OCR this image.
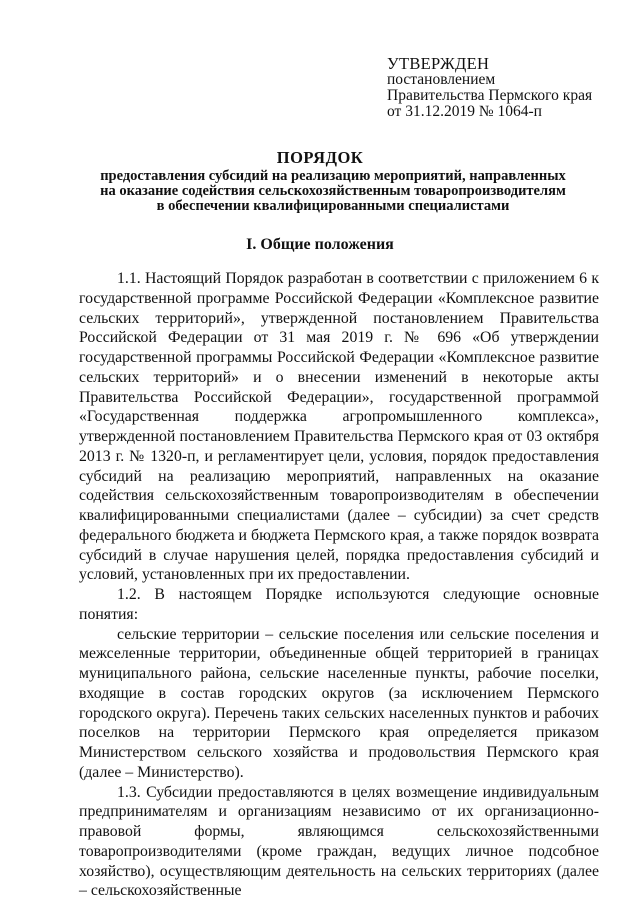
УТВЕРЖДЕН
постановлением
Правительства Пермского края
от 31.12.2019 № 1064-п
ПОРЯДОК
предоставления субсидий на реализацию мероприятий, направленных
на оказание содействия сельскохозяйственным товаропроизводителям
в обеспечении квалифицированными специалистами
I. Общие положения

1.1. Настоящий Порядок разработан в соответствии с приложением 6 к государственной программе Российской Федерации «Комплексное развитие сельских территорий», утвержденной постановлением Правительства Российской Федерации от 31 мая 2019 г. № 696 «Об утверждении государственной программы Российской Федерации «Комплексное развитие сельских территорий» и о внесении изменений в некоторые акты Правительства Российской Федерации», государственной программой «Государственная поддержка агропромышленного комплекса», утвержденной постановлением Правительства Пермского края от 03 октября 2013 г. № 1320-п, и регламентирует цели, условия, порядок предоставления субсидий на реализацию мероприятий, направленных на оказание содействия сельскохозяйственным товаропроизводителям в обеспечении квалифицированными специалистами (далее – субсидии) за счет средств федерального бюджета и бюджета Пермского края, а также порядок возврата субсидий в случае нарушения целей, порядка предоставления субсидий и условий, установленных при их предоставлении.

1.2. В настоящем Порядке используются следующие основные понятия:

сельские территории – сельские поселения или сельские поселения и межселенные территории, объединенные общей территорией в границах муниципального района, сельские населенные пункты, рабочие поселки, входящие в состав городских округов (за исключением Пермского городского округа). Перечень таких сельских населенных пунктов и рабочих поселков на территории Пермского края определяется приказом Министерством сельского хозяйства и продовольствия Пермского края (далее – Министерство).

1.3. Субсидии предоставляются в целях возмещение индивидуальным предпринимателям и организациям независимо от их организационно-правовой формы, являющимся сельскохозяйственными товаропроизводителями (кроме граждан, ведущих личное подсобное хозяйство), осуществляющим деятельность на сельских территориях (далее – сельскохозяйственные
